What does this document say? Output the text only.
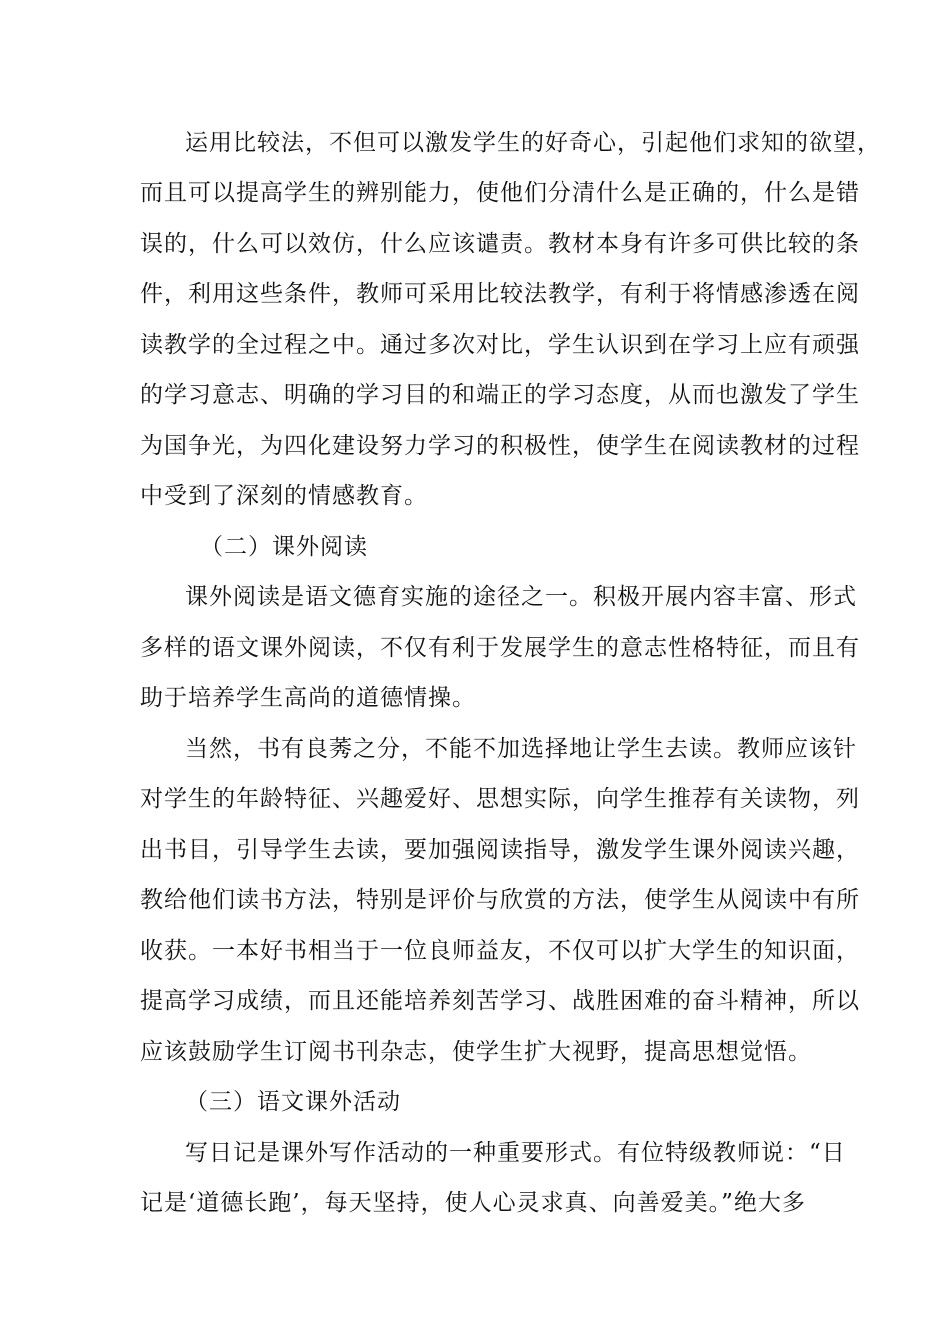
运用比较法，不但可以激发学生的好奇心，引起他们求知的欲望，
而且可以提高学生的辨别能力，使他们分清什么是正确的，什么是错
误的，什么可以效仿，什么应该谴责。教材本身有许多可供比较的条
件，利用这些条件，教师可采用比较法教学，有利于将情感渗透在阅
读教学的全过程之中。通过多次对比，学生认识到在学习上应有顽强
的学习意志、明确的学习目的和端正的学习态度，从而也激发了学生
为国争光，为四化建设努力学习的积极性，使学生在阅读教材的过程
中受到了深刻的情感教育。
（二）课外阅读
课外阅读是语文德育实施的途径之一。积极开展内容丰富、形式
多样的语文课外阅读，不仅有利于发展学生的意志性格特征，而且有
助于培养学生高尚的道德情操。
当然，书有良莠之分，不能不加选择地让学生去读。教师应该针
对学生的年龄特征、兴趣爱好、思想实际，向学生推荐有关读物，列
出书目，引导学生去读，要加强阅读指导，激发学生课外阅读兴趣，
教给他们读书方法，特别是评价与欣赏的方法，使学生从阅读中有所
收获。一本好书相当于一位良师益友，不仅可以扩大学生的知识面，
提高学习成绩，而且还能培养刻苦学习、战胜困难的奋斗精神，所以
应该鼓励学生订阅书刊杂志，使学生扩大视野，提高思想觉悟。
（三）语文课外活动
写日记是课外写作活动的一种重要形式。有位特级教师说：“日
记是‘道德长跑’，每天坚持，使人心灵求真、向善爱美。”绝大多
